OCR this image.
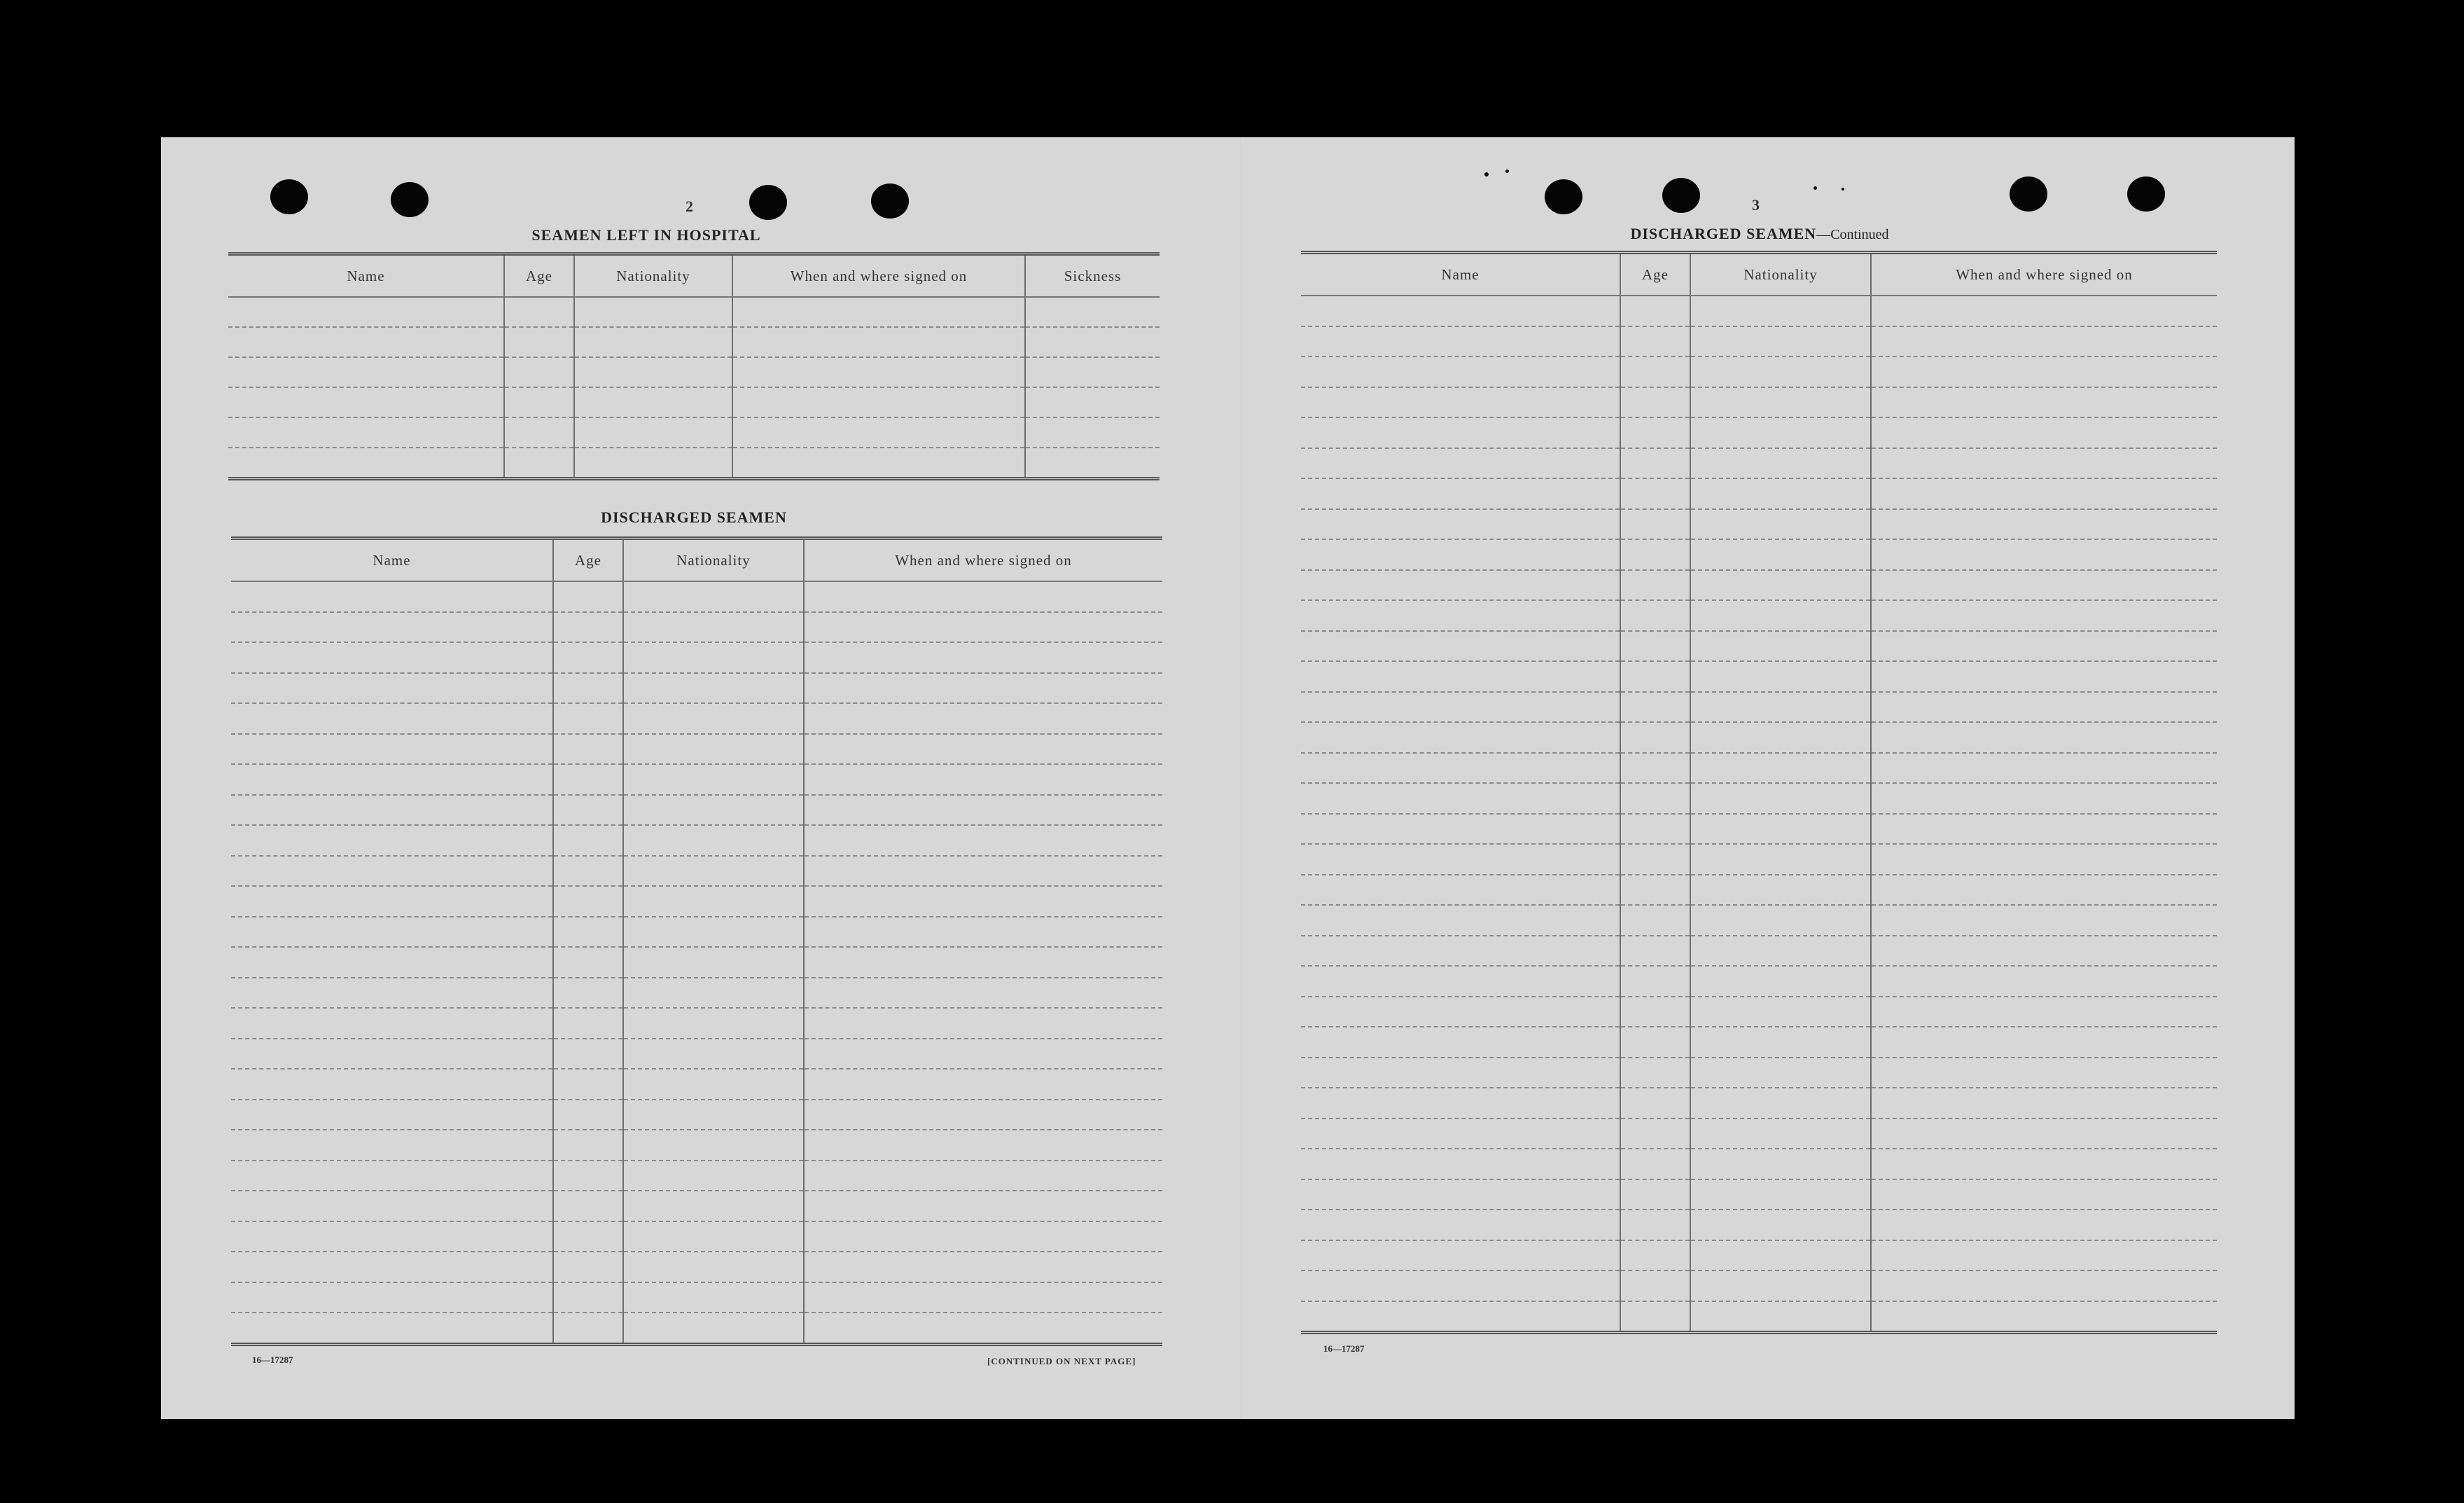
2
SEAMEN LEFT IN HOSPITAL
Name	Age	Nationality	When and where signed on	Sickness

DISCHARGED SEAMEN
Name	Age	Nationality	When and where signed on

16—17287	[CONTINUED ON NEXT PAGE]
3
DISCHARGED SEAMEN—Continued
Name	Age	Nationality	When and where signed on

16—17287
